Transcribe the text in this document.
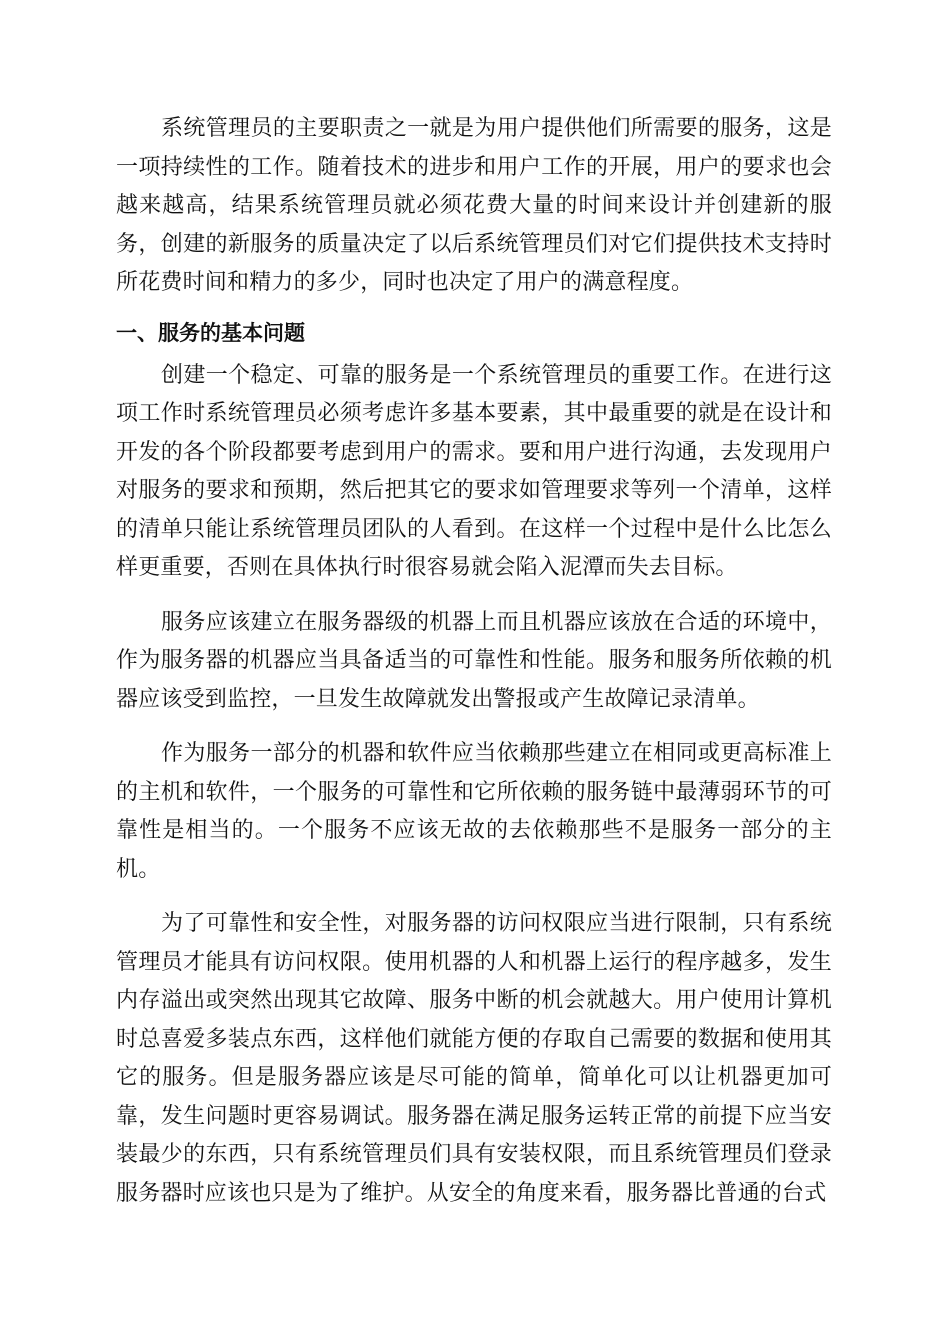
系统管理员的主要职责之一就是为用户提供他们所需要的服务，这是一项持续性的工作。随着技术的进步和用户工作的开展，用户的要求也会越来越高，结果系统管理员就必须花费大量的时间来设计并创建新的服务，创建的新服务的质量决定了以后系统管理员们对它们提供技术支持时所花费时间和精力的多少，同时也决定了用户的满意程度。

一、服务的基本问题

创建一个稳定、可靠的服务是一个系统管理员的重要工作。在进行这项工作时系统管理员必须考虑许多基本要素，其中最重要的就是在设计和开发的各个阶段都要考虑到用户的需求。要和用户进行沟通，去发现用户对服务的要求和预期，然后把其它的要求如管理要求等列一个清单，这样的清单只能让系统管理员团队的人看到。在这样一个过程中是什么比怎么样更重要，否则在具体执行时很容易就会陷入泥潭而失去目标。

服务应该建立在服务器级的机器上而且机器应该放在合适的环境中，作为服务器的机器应当具备适当的可靠性和性能。服务和服务所依赖的机器应该受到监控，一旦发生故障就发出警报或产生故障记录清单。

作为服务一部分的机器和软件应当依赖那些建立在相同或更高标准上的主机和软件，一个服务的可靠性和它所依赖的服务链中最薄弱环节的可靠性是相当的。一个服务不应该无故的去依赖那些不是服务一部分的主机。

为了可靠性和安全性，对服务器的访问权限应当进行限制，只有系统管理员才能具有访问权限。使用机器的人和机器上运行的程序越多，发生内存溢出或突然出现其它故障、服务中断的机会就越大。用户使用计算机时总喜爱多装点东西，这样他们就能方便的存取自己需要的数据和使用其它的服务。但是服务器应该是尽可能的简单，简单化可以让机器更加可靠，发生问题时更容易调试。服务器在满足服务运转正常的前提下应当安装最少的东西，只有系统管理员们具有安装权限，而且系统管理员们登录服务器时应该也只是为了维护。从安全的角度来看，服务器比普通的台式
